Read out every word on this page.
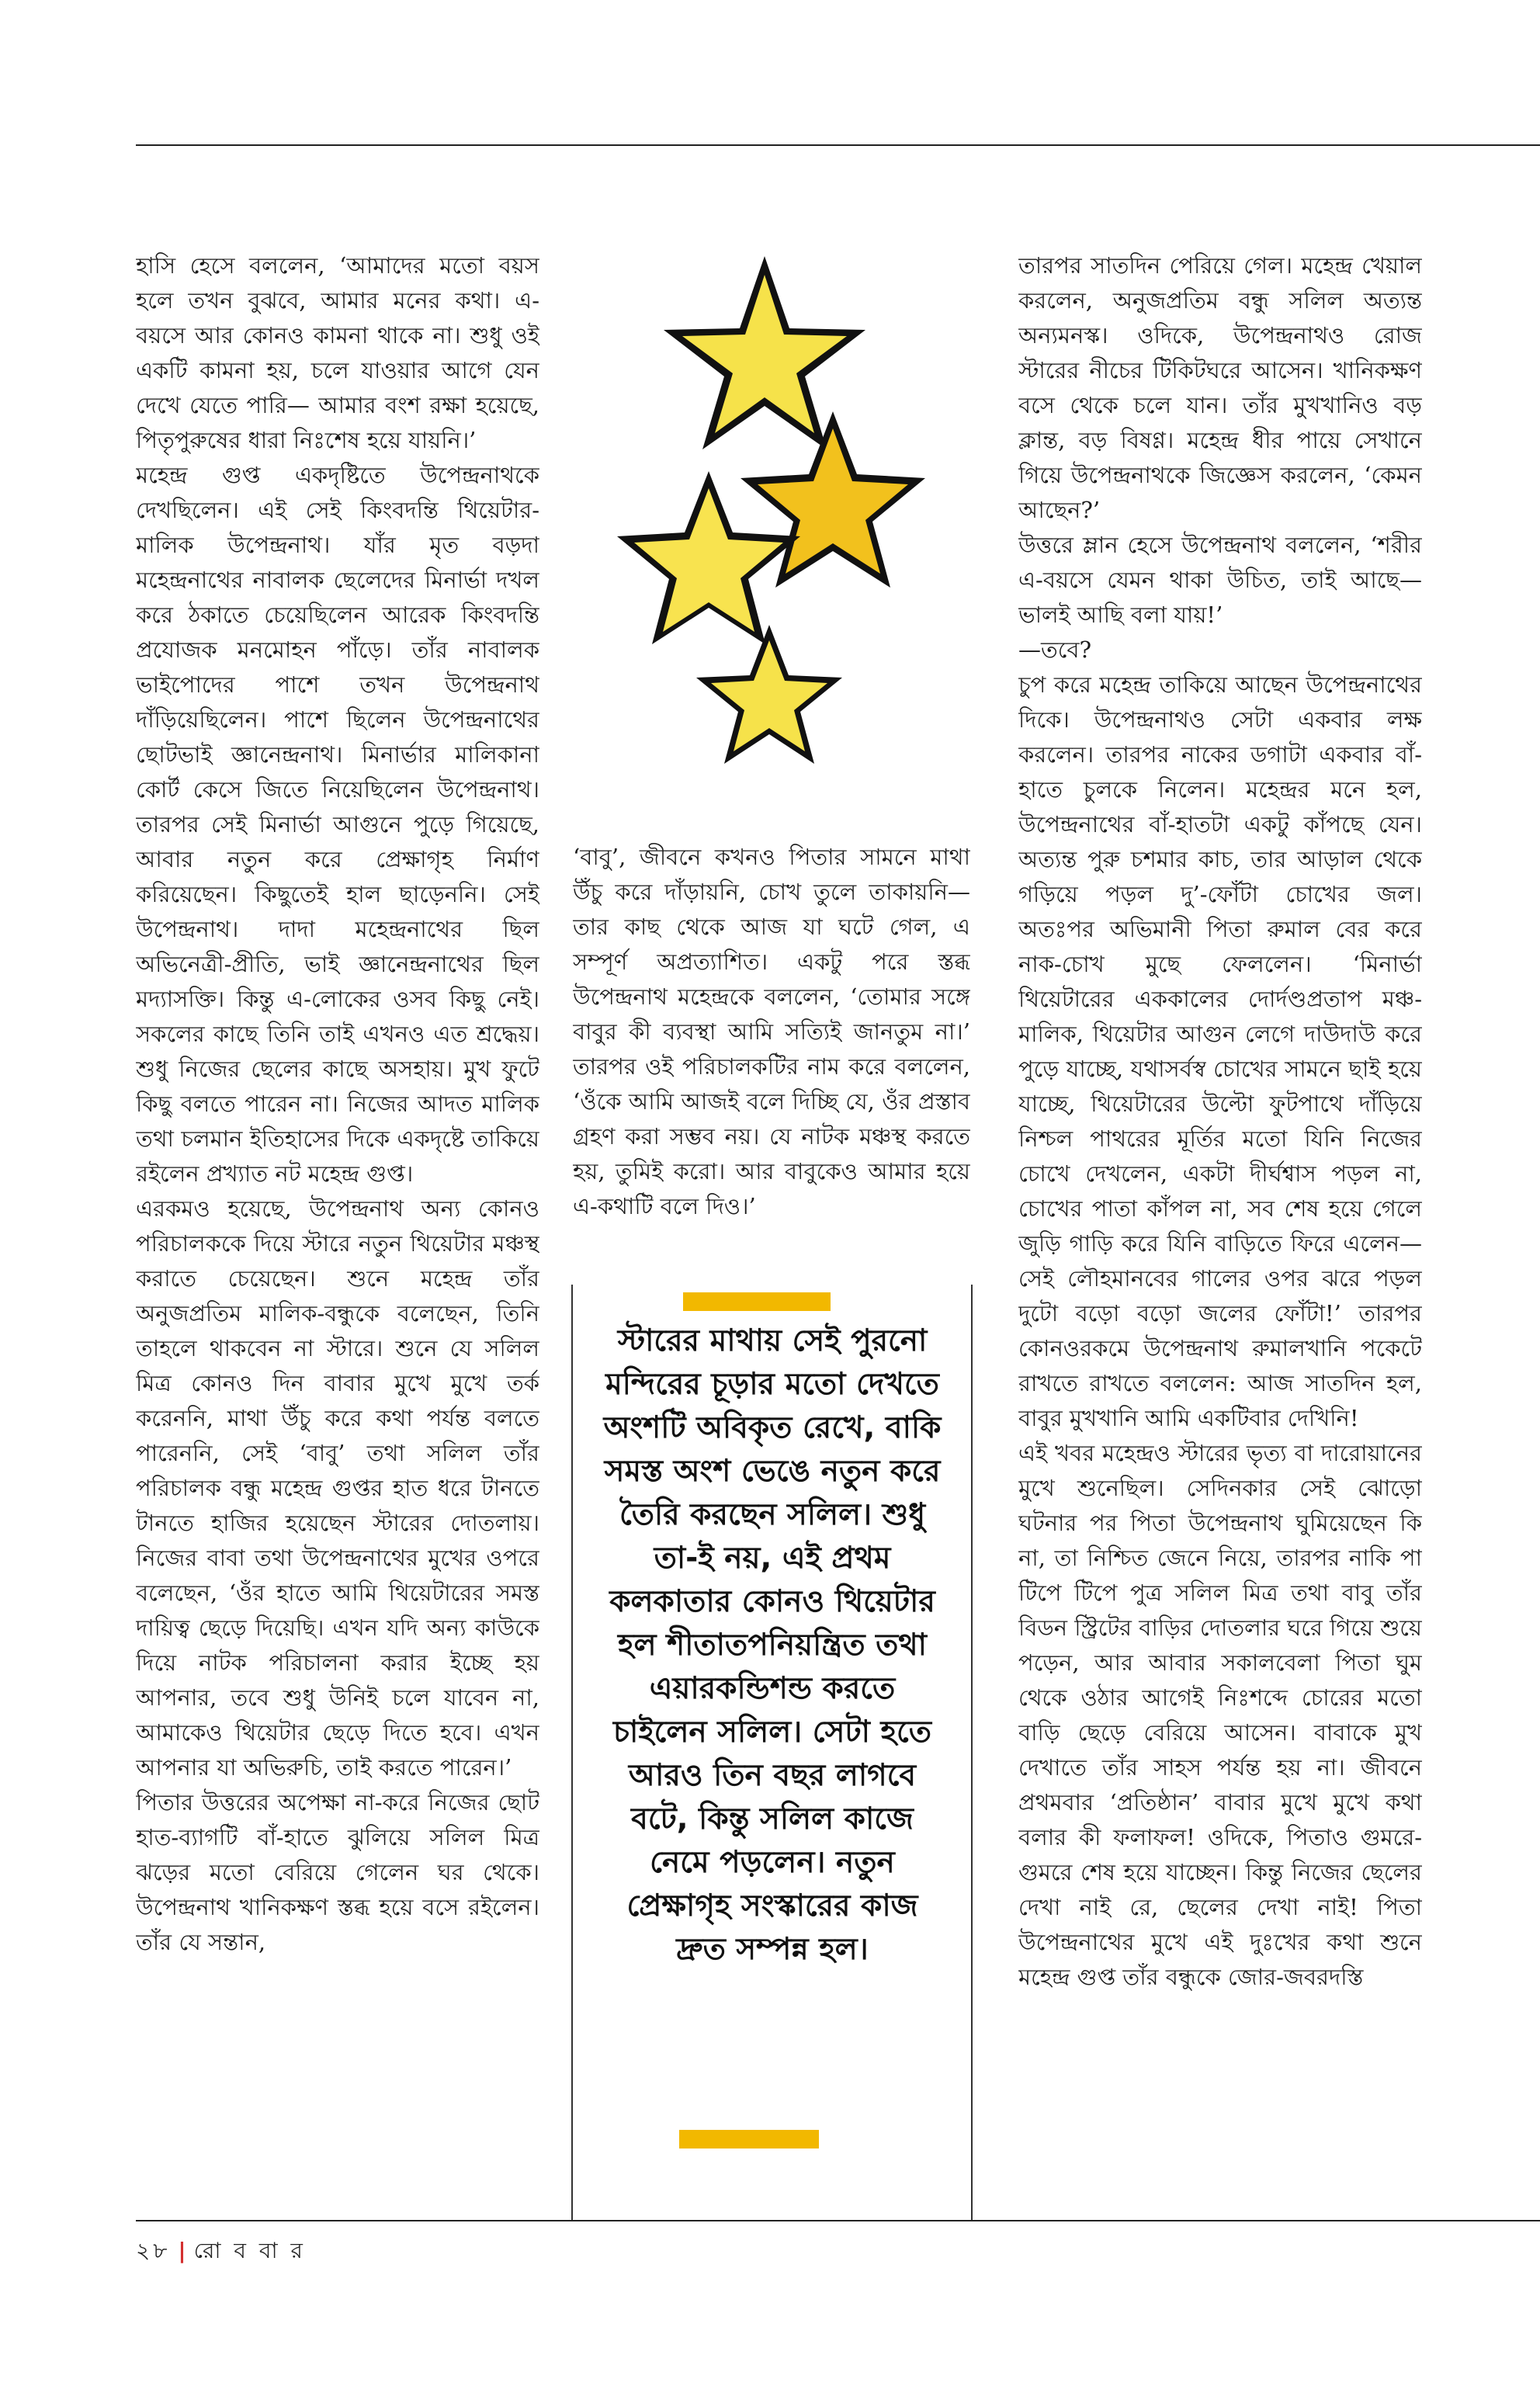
হাসি হেসে বললেন, ‘আমাদের মতো বয়স হলে তখন বুঝবে, আমার মনের কথা। এ-বয়সে আর কোনও কামনা থাকে না। শুধু ওই একটি কামনা হয়, চলে যাওয়ার আগে যেন দেখে যেতে পারি— আমার বংশ রক্ষা হয়েছে, পিতৃপুরুষের ধারা নিঃশেষ হয়ে যায়নি।’
মহেন্দ্র গুপ্ত একদৃষ্টিতে উপেন্দ্রনাথকে দেখছিলেন। এই সেই কিংবদন্তি থিয়েটার-মালিক উপেন্দ্রনাথ। যাঁর মৃত বড়দা মহেন্দ্রনাথের নাবালক ছেলেদের মিনার্ভা দখল করে ঠকাতে চেয়েছিলেন আরেক কিংবদন্তি প্রযোজক মনমোহন পাঁড়ে। তাঁর নাবালক ভাইপোদের পাশে তখন উপেন্দ্রনাথ দাঁড়িয়েছিলেন। পাশে ছিলেন উপেন্দ্রনাথের ছোটভাই জ্ঞানেন্দ্রনাথ। মিনার্ভার মালিকানা কোর্ট কেসে জিতে নিয়েছিলেন উপেন্দ্রনাথ। তারপর সেই মিনার্ভা আগুনে পুড়ে গিয়েছে, আবার নতুন করে প্রেক্ষাগৃহ নির্মাণ করিয়েছেন। কিছুতেই হাল ছাড়েননি। সেই উপেন্দ্রনাথ। দাদা মহেন্দ্রনাথের ছিল অভিনেত্রী-প্রীতি, ভাই জ্ঞানেন্দ্রনাথের ছিল মদ্যাসক্তি। কিন্তু এ-লোকের ওসব কিছু নেই। সকলের কাছে তিনি তাই এখনও এত শ্রদ্ধেয়। শুধু নিজের ছেলের কাছে অসহায়। মুখ ফুটে কিছু বলতে পারেন না। নিজের আদত মালিক তথা চলমান ইতিহাসের দিকে একদৃষ্টে তাকিয়ে রইলেন প্রখ্যাত নট মহেন্দ্র গুপ্ত।
এরকমও হয়েছে, উপেন্দ্রনাথ অন্য কোনও পরিচালককে দিয়ে স্টারে নতুন থিয়েটার মঞ্চস্থ করাতে চেয়েছেন। শুনে মহেন্দ্র তাঁর অনুজপ্রতিম মালিক-বন্ধুকে বলেছেন, তিনি তাহলে থাকবেন না স্টারে। শুনে যে সলিল মিত্র কোনও দিন বাবার মুখে মুখে তর্ক করেননি, মাথা উঁচু করে কথা পর্যন্ত বলতে পারেননি, সেই ‘বাবু’ তথা সলিল তাঁর পরিচালক বন্ধু মহেন্দ্র গুপ্তর হাত ধরে টানতে টানতে হাজির হয়েছেন স্টারের দোতলায়। নিজের বাবা তথা উপেন্দ্রনাথের মুখের ওপরে বলেছেন, ‘ওঁর হাতে আমি থিয়েটারের সমস্ত দায়িত্ব ছেড়ে দিয়েছি। এখন যদি অন্য কাউকে দিয়ে নাটক পরিচালনা করার ইচ্ছে হয় আপনার, তবে শুধু উনিই চলে যাবেন না, আমাকেও থিয়েটার ছেড়ে দিতে হবে। এখন আপনার যা অভিরুচি, তাই করতে পারেন।’
পিতার উত্তরের অপেক্ষা না-করে নিজের ছোট হাত-ব্যাগটি বাঁ-হাতে ঝুলিয়ে সলিল মিত্র ঝড়ের মতো বেরিয়ে গেলেন ঘর থেকে। উপেন্দ্রনাথ খানিকক্ষণ স্তব্ধ হয়ে বসে রইলেন। তাঁর যে সন্তান,

‘বাবু’, জীবনে কখনও পিতার সামনে মাথা উঁচু করে দাঁড়ায়নি, চোখ তুলে তাকায়নি— তার কাছ থেকে আজ যা ঘটে গেল, এ সম্পূর্ণ অপ্রত্যাশিত। একটু পরে স্তব্ধ উপেন্দ্রনাথ মহেন্দ্রকে বললেন, ‘তোমার সঙ্গে বাবুর কী ব্যবস্থা আমি সত্যিই জানতুম না।’ তারপর ওই পরিচালকটির নাম করে বললেন, ‘ওঁকে আমি আজই বলে দিচ্ছি যে, ওঁর প্রস্তাব গ্রহণ করা সম্ভব নয়। যে নাটক মঞ্চস্থ করতে হয়, তুমিই করো। আর বাবুকেও আমার হয়ে এ-কথাটি বলে দিও।’

স্টারের মাথায় সেই পুরনো মন্দিরের চূড়ার মতো দেখতে অংশটি অবিকৃত রেখে, বাকি সমস্ত অংশ ভেঙে নতুন করে তৈরি করছেন সলিল। শুধু তা-ই নয়, এই প্রথম কলকাতার কোনও থিয়েটার হল শীতাতপনিয়ন্ত্রিত তথা এয়ারকন্ডিশন্ড করতে চাইলেন সলিল। সেটা হতে আরও তিন বছর লাগবে বটে, কিন্তু সলিল কাজে নেমে পড়লেন। নতুন প্রেক্ষাগৃহ সংস্কারের কাজ দ্রুত সম্পন্ন হল।

তারপর সাতদিন পেরিয়ে গেল। মহেন্দ্র খেয়াল করলেন, অনুজপ্রতিম বন্ধু সলিল অত্যন্ত অন্যমনস্ক। ওদিকে, উপেন্দ্রনাথও রোজ স্টারের নীচের টিকিটঘরে আসেন। খানিকক্ষণ বসে থেকে চলে যান। তাঁর মুখখানিও বড় ক্লান্ত, বড় বিষণ্ণ। মহেন্দ্র ধীর পায়ে সেখানে গিয়ে উপেন্দ্রনাথকে জিজ্ঞেস করলেন, ‘কেমন আছেন?’
উত্তরে ম্লান হেসে উপেন্দ্রনাথ বললেন, ‘শরীর এ-বয়সে যেমন থাকা উচিত, তাই আছে— ভালই আছি বলা যায়!’
—তবে?
চুপ করে মহেন্দ্র তাকিয়ে আছেন উপেন্দ্রনাথের দিকে। উপেন্দ্রনাথও সেটা একবার লক্ষ করলেন। তারপর নাকের ডগাটা একবার বাঁ-হাতে চুলকে নিলেন। মহেন্দ্রর মনে হল, উপেন্দ্রনাথের বাঁ-হাতটা একটু কাঁপছে যেন। অত্যন্ত পুরু চশমার কাচ, তার আড়াল থেকে গড়িয়ে পড়ল দু’-ফোঁটা চোখের জল। অতঃপর অভিমানী পিতা রুমাল বের করে নাক-চোখ মুছে ফেললেন। ‘মিনার্ভা থিয়েটারের এককালের দোর্দণ্ডপ্রতাপ মঞ্চ-মালিক, থিয়েটার আগুন লেগে দাউদাউ করে পুড়ে যাচ্ছে, যথাসর্বস্ব চোখের সামনে ছাই হয়ে যাচ্ছে, থিয়েটারের উল্টো ফুটপাথে দাঁড়িয়ে নিশ্চল পাথরের মূর্তির মতো যিনি নিজের চোখে দেখলেন, একটা দীর্ঘশ্বাস পড়ল না, চোখের পাতা কাঁপল না, সব শেষ হয়ে গেলে জুড়ি গাড়ি করে যিনি বাড়িতে ফিরে এলেন— সেই লৌহমানবের গালের ওপর ঝরে পড়ল দুটো বড়ো বড়ো জলের ফোঁটা!’ তারপর কোনওরকমে উপেন্দ্রনাথ রুমালখানি পকেটে রাখতে রাখতে বললেন: আজ সাতদিন হল, বাবুর মুখখানি আমি একটিবার দেখিনি!
এই খবর মহেন্দ্রও স্টারের ভৃত্য বা দারোয়ানের মুখে শুনেছিল। সেদিনকার সেই ঝোড়ো ঘটনার পর পিতা উপেন্দ্রনাথ ঘুমিয়েছেন কি না, তা নিশ্চিত জেনে নিয়ে, তারপর নাকি পা টিপে টিপে পুত্র সলিল মিত্র তথা বাবু তাঁর বিডন স্ট্রিটের বাড়ির দোতলার ঘরে গিয়ে শুয়ে পড়েন, আর আবার সকালবেলা পিতা ঘুম থেকে ওঠার আগেই নিঃশব্দে চোরের মতো বাড়ি ছেড়ে বেরিয়ে আসেন। বাবাকে মুখ দেখাতে তাঁর সাহস পর্যন্ত হয় না। জীবনে প্রথমবার ‘প্রতিষ্ঠান’ বাবার মুখে মুখে কথা বলার কী ফলাফল! ওদিকে, পিতাও গুমরে-গুমরে শেষ হয়ে যাচ্ছেন। কিন্তু নিজের ছেলের দেখা নাই রে, ছেলের দেখা নাই! পিতা উপেন্দ্রনাথের মুখে এই দুঃখের কথা শুনে মহেন্দ্র গুপ্ত তাঁর বন্ধুকে জোর-জবরদস্তি

২৮ | রো ব বা র
